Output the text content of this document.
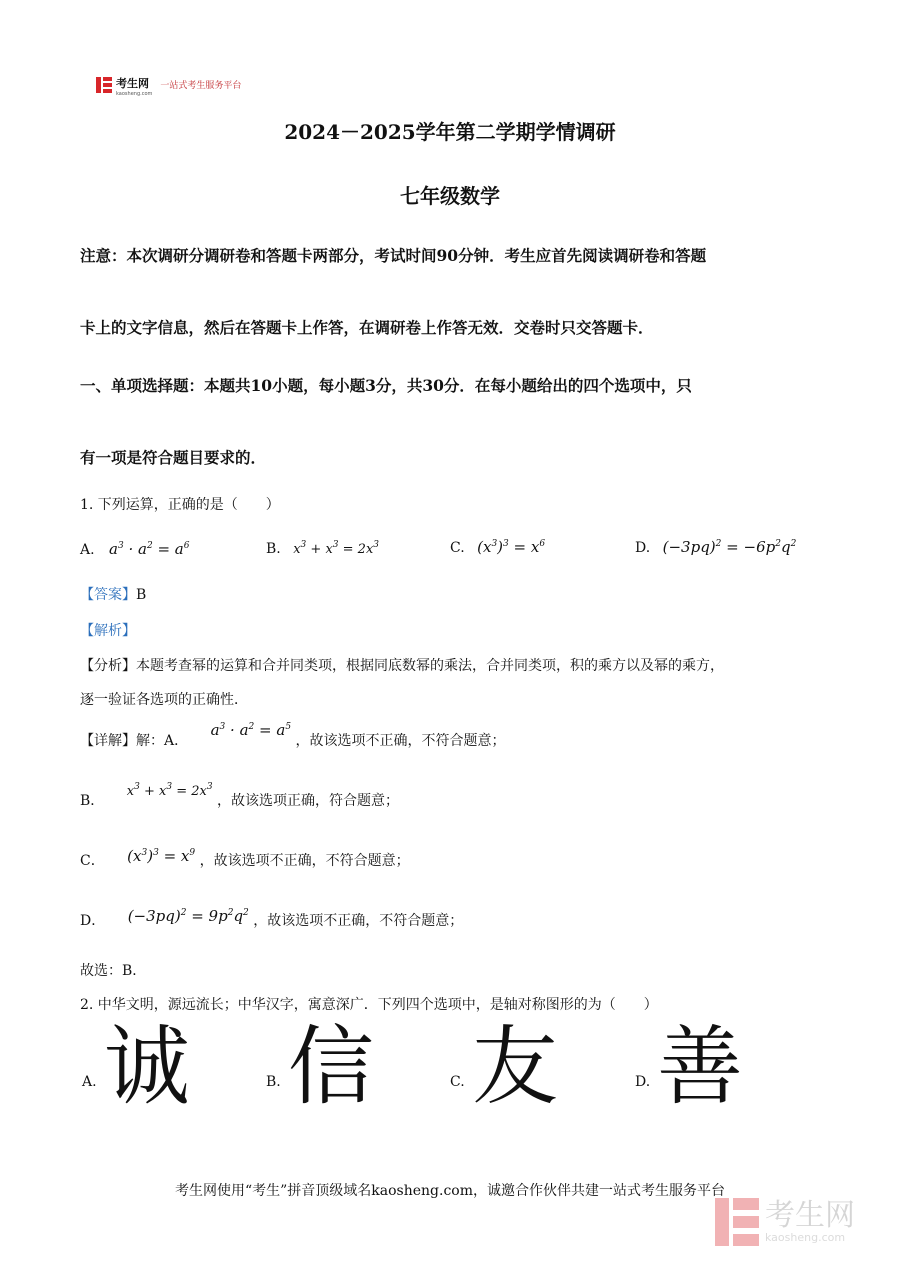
考生网
kaosheng.com
一站式考生服务平台
2024－2025学年第二学期学情调研
七年级数学
注意：本次调研分调研卷和答题卡两部分，考试时间90分钟．考生应首先阅读调研卷和答题
卡上的文字信息，然后在答题卡上作答，在调研卷上作答无效．交卷时只交答题卡．
一、单项选择题：本题共10小题，每小题3分，共30分．在每小题给出的四个选项中，只
有一项是符合题目要求的．
1. 下列运算，正确的是（　　）
A. $a^3 \cdot a^2 = a^6$	B. $x^3 + x^3 = 2x^3$	C. $(x^3)^3 = x^6$	D. $(-3pq)^2 = -6p^2q^2$
【答案】B
【解析】
【分析】本题考查幂的运算和合并同类项，根据同底数幂的乘法，合并同类项，积的乘方以及幂的乘方，
逐一验证各选项的正确性．
【详解】解：A． $a^3 \cdot a^2 = a^5$ ，故该选项不正确，不符合题意；
B． $x^3 + x^3 = 2x^3$ ，故该选项正确，符合题意；
C． $(x^3)^3 = x^9$ ，故该选项不正确，不符合题意；
D． $(-3pq)^2 = 9p^2q^2$ ，故该选项不正确，不符合题意；
故选：B．
2. 中华文明，源远流长；中华汉字，寓意深广．下列四个选项中，是轴对称图形的为（　　）
A. 诚	B. 信	C. 友	D. 善
考生网使用“考生”拼音顶级域名kaosheng.com，诚邀合作伙伴共建一站式考生服务平台
考生网
kaosheng.com
